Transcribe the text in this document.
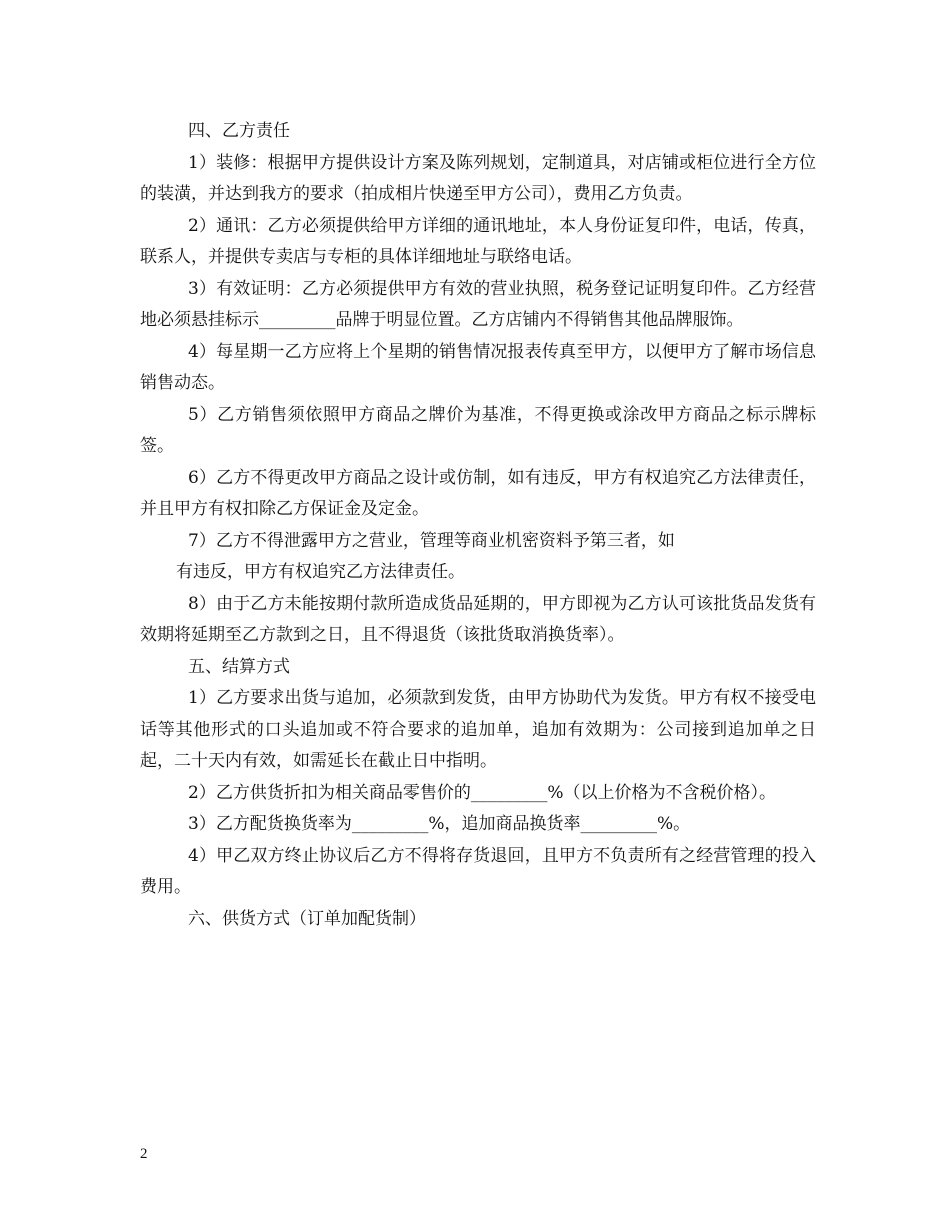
四、乙方责任

1）装修：根据甲方提供设计方案及陈列规划，定制道具，对店铺或柜位进行全方位的装潢，并达到我方的要求（拍成相片快递至甲方公司），费用乙方负责。

2）通讯：乙方必须提供给甲方详细的通讯地址，本人身份证复印件，电话，传真，联系人，并提供专卖店与专柜的具体详细地址与联络电话。

3）有效证明：乙方必须提供甲方有效的营业执照，税务登记证明复印件。乙方经营地必须悬挂标示_________品牌于明显位置。乙方店铺内不得销售其他品牌服饰。

4）每星期一乙方应将上个星期的销售情况报表传真至甲方，以便甲方了解市场信息销售动态。

5）乙方销售须依照甲方商品之牌价为基准，不得更换或涂改甲方商品之标示牌标签。

6）乙方不得更改甲方商品之设计或仿制，如有违反，甲方有权追究乙方法律责任，并且甲方有权扣除乙方保证金及定金。

7）乙方不得泄露甲方之营业，管理等商业机密资料予第三者，如

有违反，甲方有权追究乙方法律责任。

8）由于乙方未能按期付款所造成货品延期的，甲方即视为乙方认可该批货品发货有效期将延期至乙方款到之日，且不得退货（该批货取消换货率）。

五、结算方式

1）乙方要求出货与追加，必须款到发货，由甲方协助代为发货。甲方有权不接受电话等其他形式的口头追加或不符合要求的追加单，追加有效期为：公司接到追加单之日起，二十天内有效，如需延长在截止日中指明。

2）乙方供货折扣为相关商品零售价的_________%（以上价格为不含税价格）。

3）乙方配货换货率为_________%，追加商品换货率_________%。

4）甲乙双方终止协议后乙方不得将存货退回，且甲方不负责所有之经营管理的投入费用。

六、供货方式（订单加配货制）

2
